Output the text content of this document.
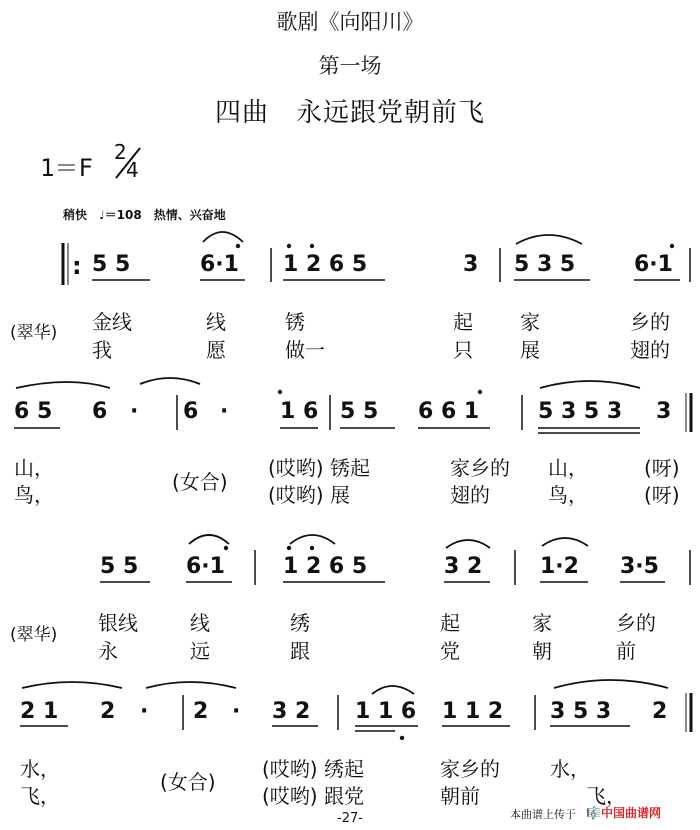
歌剧《向阳川》
第一场
四曲　永远跟党朝前飞
1＝F
2
4
稍快　♩＝108　热情、兴奋地
: 5 5	6·1 1 2 6 5	3 5 3 5	6·1
(翠华) 金线	线	锈	起 家	乡的
我	愿	做一	只 展	翅的
6 5 6 · 6 · 1 6 5 5 6 6 1	5 3 5 3 3
山，
(女合)
(哎哟) 锈起	家乡的 山，	(呀)
鸟，	(哎哟) 展	翅的	鸟，	(呀)
5 5 6·1	1 2 6 5	3 2	1·2 3·5
(翠华) 银线	线	绣	起	家	乡的
永	远	跟	党	朝	前
2 1 2 · 2 · 3 2 1 1 6 1 1 2 3 5 3 2
水，
(女合)
(哎哟) 绣起	家乡的	水，
飞，	(哎哟) 跟党	朝前	飞，
-27-	本曲谱上传于 🎼中国曲谱网
